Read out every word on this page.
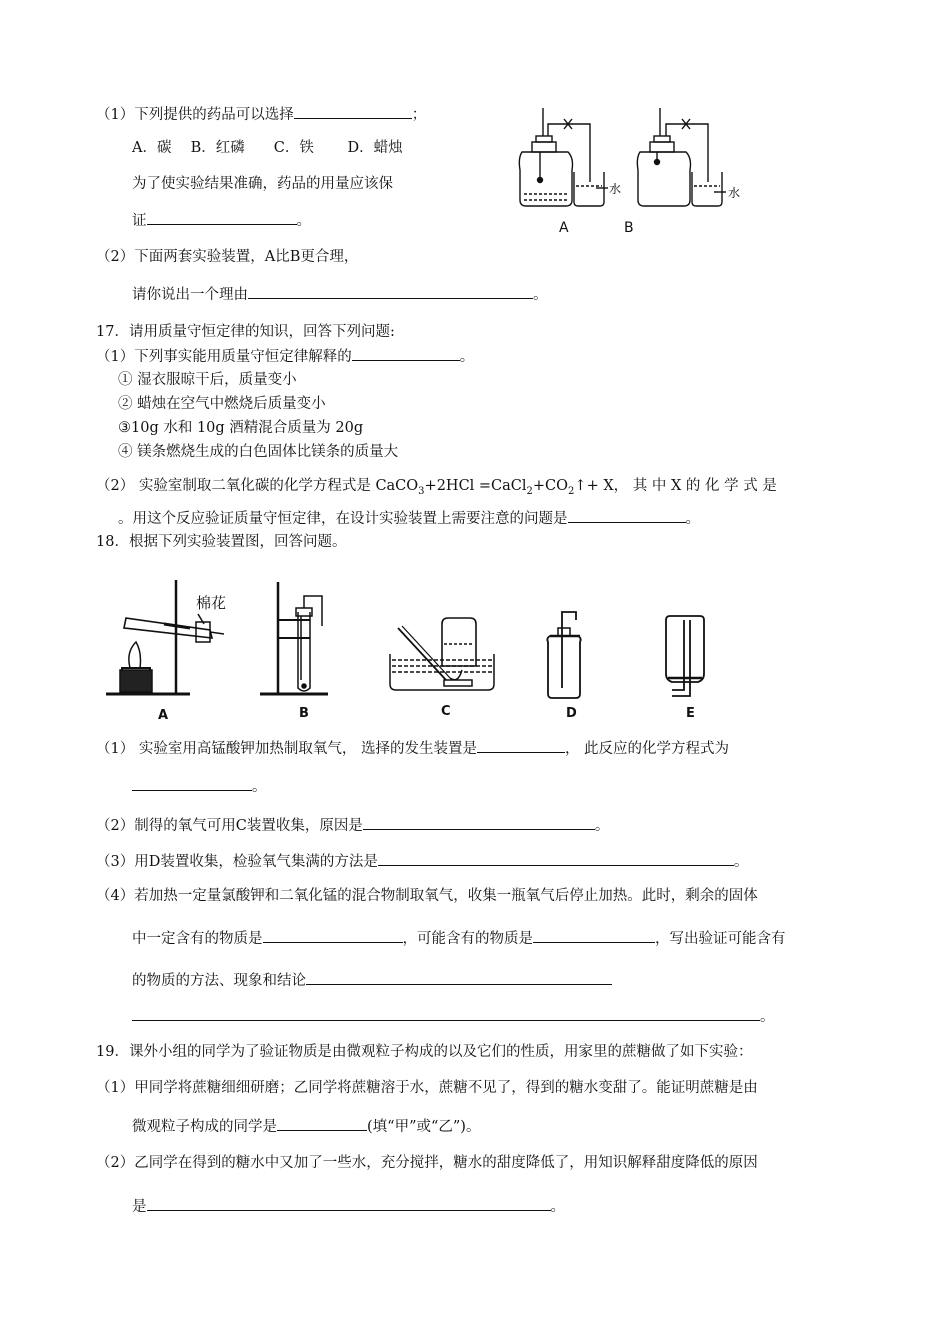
（1）下列提供的药品可以选择	；
A．碳　 B．红磷　　C．铁　　 D．蜡烛
为了使实验结果准确，药品的用量应该保
证	。
（2）下面两套实验装置，A比B更合理，
请你说出一个理由	。
水	水
A	B
17．请用质量守恒定律的知识，回答下列问题:
（1）下列事实能用质量守恒定律解释的	。
① 湿衣服晾干后，质量变小
② 蜡烛在空气中燃烧后质量变小
③10g 水和 10g 酒精混合质量为 20g
④ 镁条燃烧生成的白色固体比镁条的质量大
（2） 实验室制取二氧化碳的化学方程式是 CaCO$_3$+2HCl $=CaCl_2+CO_2↑+ X$， 其 中 X 的 化 学 式 是
。用这个反应验证质量守恒定律，在设计实验装置上需要注意的问题是	。
18．根据下列实验装置图，回答问题。
棉花
A	B	C	D	E
（1） 实验室用高锰酸钾加热制取氧气， 选择的发生装置是	， 此反应的化学方程式为
。
（2）制得的氧气可用C装置收集，原因是	。
（3）用D装置收集，检验氧气集满的方法是	。
（4）若加热一定量氯酸钾和二氧化锰的混合物制取氧气，收集一瓶氧气后停止加热。此时，剩余的固体
中一定含有的物质是	，可能含有的物质是	，写出验证可能含有
的物质的方法、现象和结论
。
19．课外小组的同学为了验证物质是由微观粒子构成的以及它们的性质，用家里的蔗糖做了如下实验：
（1）甲同学将蔗糖细细研磨；乙同学将蔗糖溶于水，蔗糖不见了，得到的糖水变甜了。能证明蔗糖是由
微观粒子构成的同学是	(填“甲”或“乙”)。
（2）乙同学在得到的糖水中又加了一些水，充分搅拌，糖水的甜度降低了，用知识解释甜度降低的原因
是	。
